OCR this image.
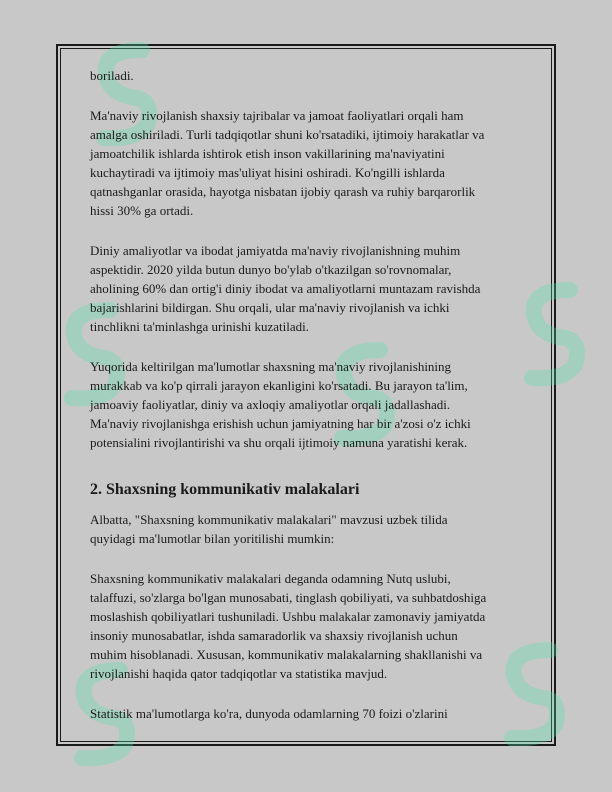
boriladi.

Ma'naviy rivojlanish shaxsiy tajribalar va jamoat faoliyatlari orqali ham
amalga oshiriladi. Turli tadqiqotlar shuni ko'rsatadiki, ijtimoiy harakatlar va
jamoatchilik ishlarda ishtirok etish inson vakillarining ma'naviyatini
kuchaytiradi va ijtimoiy mas'uliyat hisini oshiradi. Ko'ngilli ishlarda
qatnashganlar orasida, hayotga nisbatan ijobiy qarash va ruhiy barqarorlik
hissi 30% ga ortadi.

Diniy amaliyotlar va ibodat jamiyatda ma'naviy rivojlanishning muhim
aspektidir. 2020 yilda butun dunyo bo'ylab o'tkazilgan so'rovnomalar,
aholining 60% dan ortig'i diniy ibodat va amaliyotlarni muntazam ravishda
bajarishlarini bildirgan. Shu orqali, ular ma'naviy rivojlanish va ichki
tinchlikni ta'minlashga urinishi kuzatiladi.

Yuqorida keltirilgan ma'lumotlar shaxsning ma'naviy rivojlanishining
murakkab va ko'p qirrali jarayon ekanligini ko'rsatadi. Bu jarayon ta'lim,
jamoaviy faoliyatlar, diniy va axloqiy amaliyotlar orqali jadallashadi.
Ma'naviy rivojlanishga erishish uchun jamiyatning har bir a'zosi o'z ichki
potensialini rivojlantirishi va shu orqali ijtimoiy namuna yaratishi kerak.

2. Shaxsning kommunikativ malakalari

Albatta, "Shaxsning kommunikativ malakalari" mavzusi uzbek tilida
quyidagi ma'lumotlar bilan yoritilishi mumkin:

Shaxsning kommunikativ malakalari deganda odamning Nutq uslubi,
talaffuzi, so'zlarga bo'lgan munosabati, tinglash qobiliyati, va suhbatdoshiga
moslashish qobiliyatlari tushuniladi. Ushbu malakalar zamonaviy jamiyatda
insoniy munosabatlar, ishda samaradorlik va shaxsiy rivojlanish uchun
muhim hisoblanadi. Xususan, kommunikativ malakalarning shakllanishi va
rivojlanishi haqida qator tadqiqotlar va statistika mavjud.

Statistik ma'lumotlarga ko'ra, dunyoda odamlarning 70 foizi o'zlarini
